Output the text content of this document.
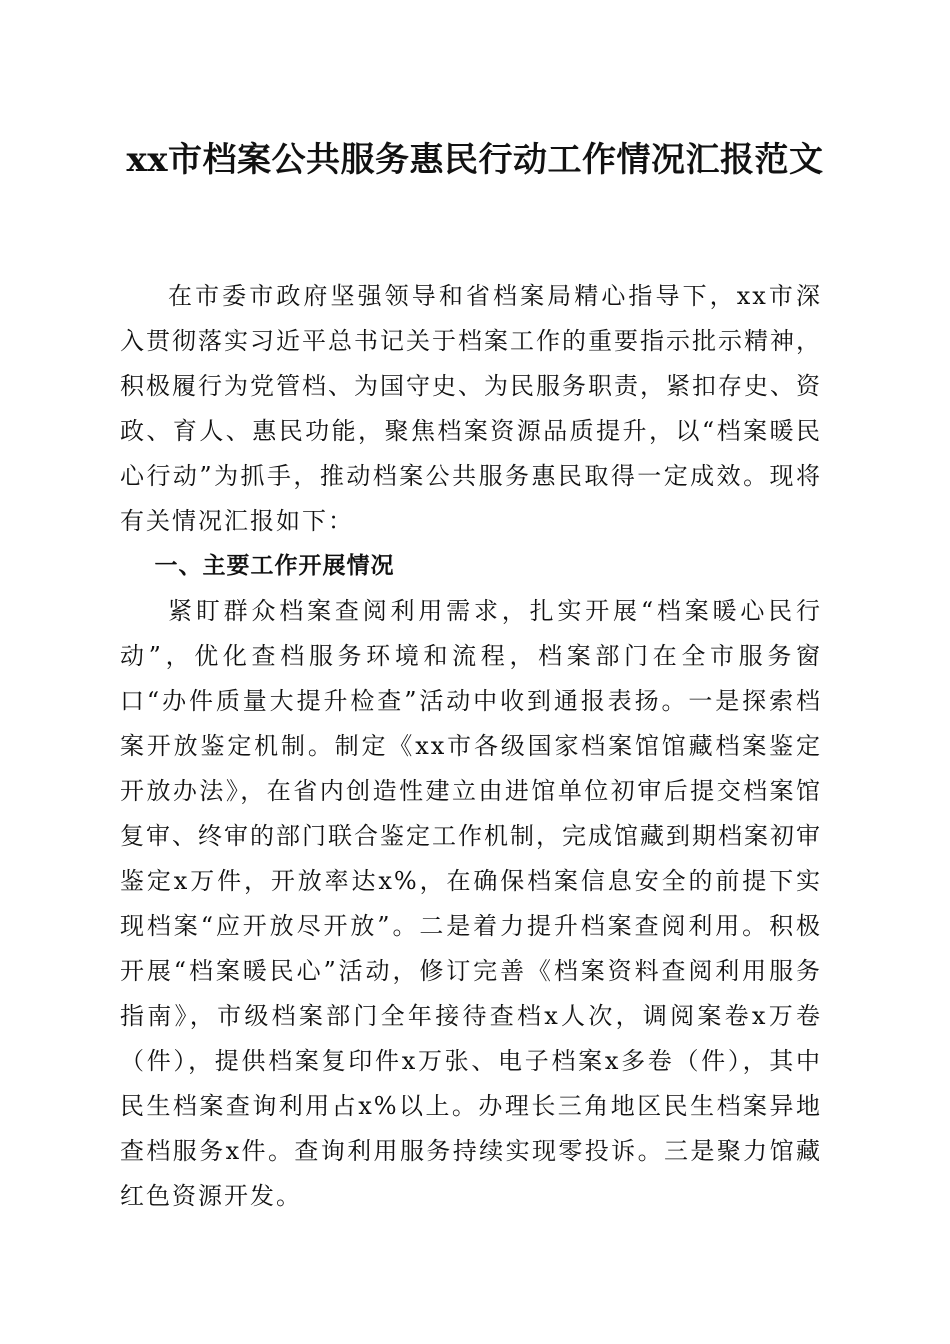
xx市档案公共服务惠民行动工作情况汇报范文

在市委市政府坚强领导和省档案局精心指导下，xx市深入贯彻落实习近平总书记关于档案工作的重要指示批示精神，积极履行为党管档、为国守史、为民服务职责，紧扣存史、资政、育人、惠民功能，聚焦档案资源品质提升，以“档案暖民心行动”为抓手，推动档案公共服务惠民取得一定成效。现将有关情况汇报如下：

一、主要工作开展情况

紧盯群众档案查阅利用需求，扎实开展“档案暖心民行动”，优化查档服务环境和流程，档案部门在全市服务窗口“办件质量大提升检查”活动中收到通报表扬。一是探索档案开放鉴定机制。制定《xx市各级国家档案馆馆藏档案鉴定开放办法》，在省内创造性建立由进馆单位初审后提交档案馆复审、终审的部门联合鉴定工作机制，完成馆藏到期档案初审鉴定x万件，开放率达x%，在确保档案信息安全的前提下实现档案“应开放尽开放”。二是着力提升档案查阅利用。积极开展“档案暖民心”活动，修订完善《档案资料查阅利用服务指南》，市级档案部门全年接待查档x人次，调阅案卷x万卷（件），提供档案复印件x万张、电子档案x多卷（件），其中民生档案查询利用占x%以上。办理长三角地区民生档案异地查档服务x件。查询利用服务持续实现零投诉。三是聚力馆藏红色资源开发。
